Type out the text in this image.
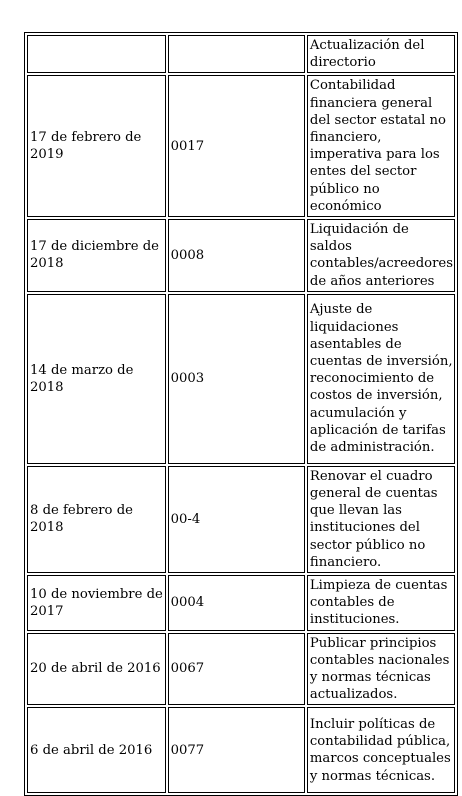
		Actualización del directorio
17 de febrero de 2019	0017	Contabilidad financiera general del sector estatal no financiero, imperativa para los entes del sector público no económico
17 de diciembre de 2018	0008	Liquidación de saldos contables/acreedores de años anteriores
14 de marzo de 2018	0003	Ajuste de liquidaciones asentables de cuentas de inversión, reconocimiento de costos de inversión, acumulación y aplicación de tarifas de administración.
8 de febrero de 2018	00-4	Renovar el cuadro general de cuentas que llevan las instituciones del sector público no financiero.
10 de noviembre de 2017	0004	Limpieza de cuentas contables de instituciones.
20 de abril de 2016	0067	Publicar principios contables nacionales y normas técnicas actualizados.
6 de abril de 2016	0077	Incluir políticas de contabilidad pública, marcos conceptuales y normas técnicas.
